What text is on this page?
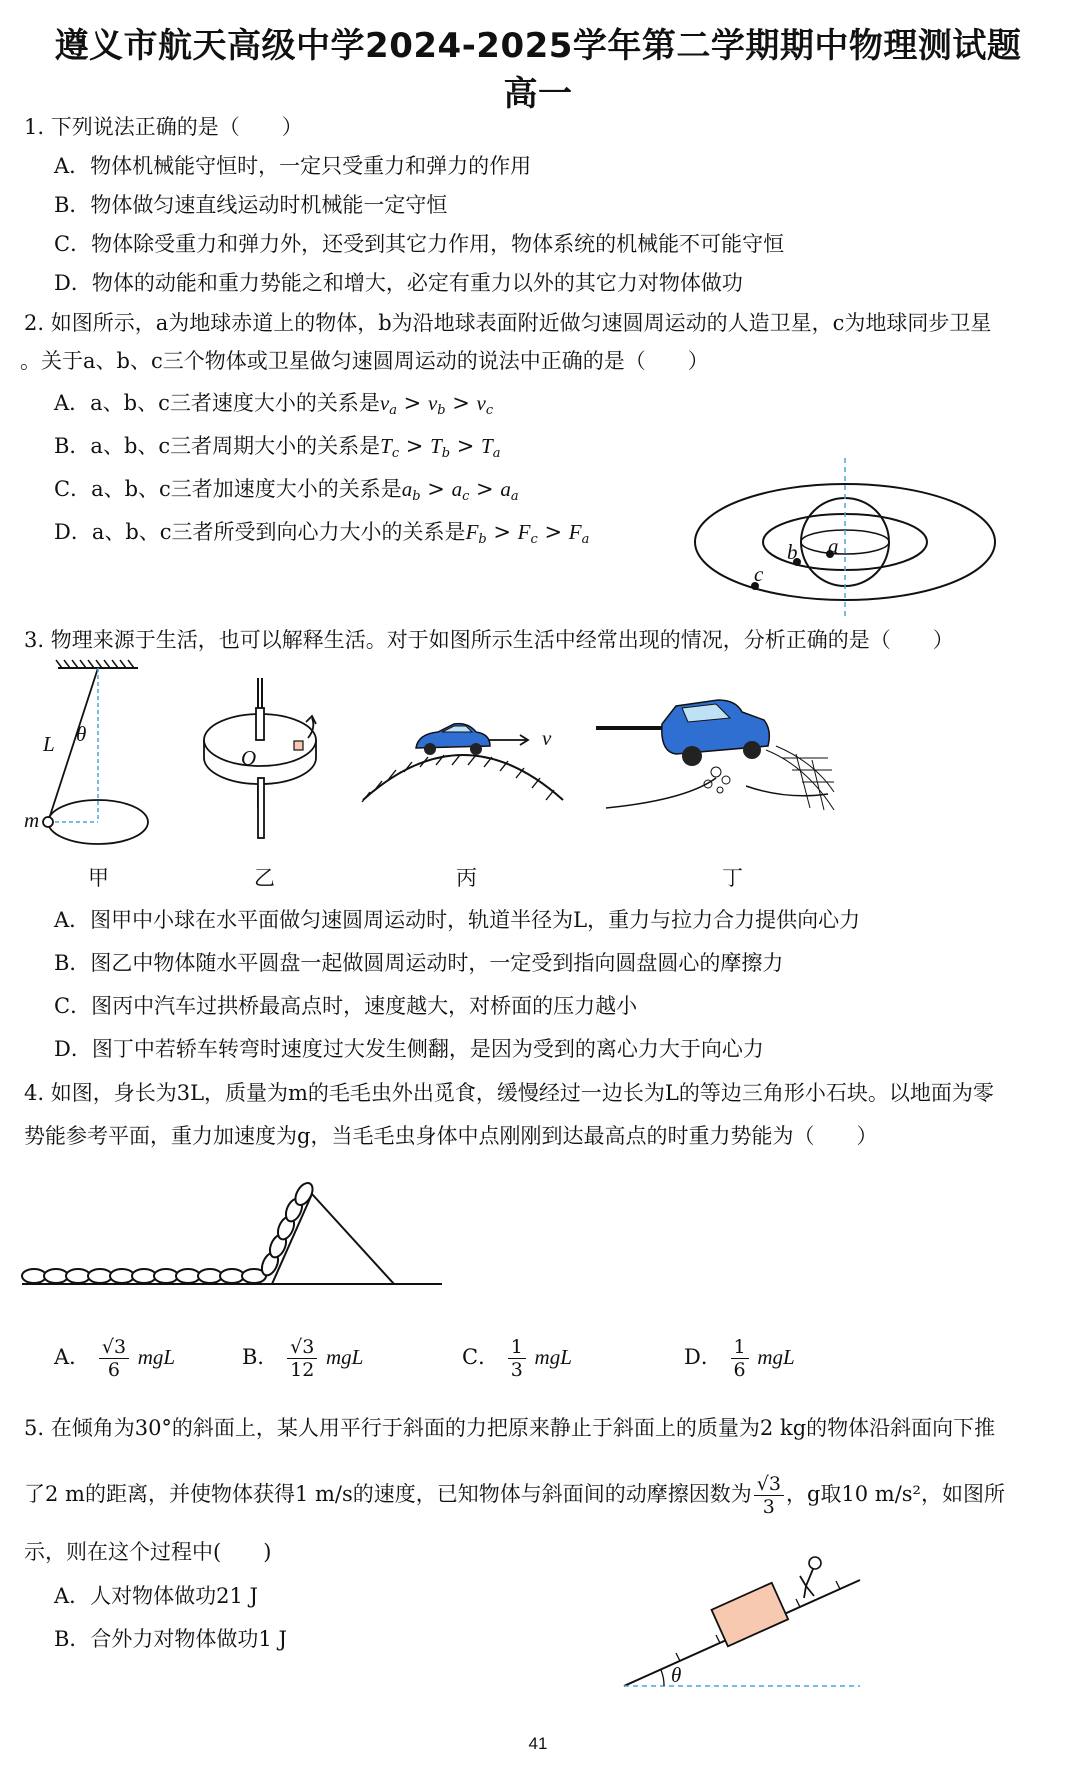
遵义市航天高级中学2024-2025学年第二学期期中物理测试题
高一
1. 下列说法正确的是（　　）
A．物体机械能守恒时，一定只受重力和弹力的作用
B．物体做匀速直线运动时机械能一定守恒
C．物体除受重力和弹力外，还受到其它力作用，物体系统的机械能不可能守恒
D．物体的动能和重力势能之和增大，必定有重力以外的其它力对物体做功
2. 如图所示，a为地球赤道上的物体，b为沿地球表面附近做匀速圆周运动的人造卫星，c为地球同步卫星
。关于a、b、c三个物体或卫星做匀速圆周运动的说法中正确的是（　　）
A．a、b、c三者速度大小的关系是$v_a > v_b > v_c$
B．a、b、c三者周期大小的关系是$T_c > T_b > T_a$
C．a、b、c三者加速度大小的关系是$a_b > a_c > a_a$
D．a、b、c三者所受到向心力大小的关系是$F_b > F_c > F_a$	a
b
c
3. 物理来源于生活，也可以解释生活。对于如图所示生活中经常出现的情况，分析正确的是（　　）
L θ
m
O
v
甲	乙	丙	丁
A．图甲中小球在水平面做匀速圆周运动时，轨道半径为L，重力与拉力合力提供向心力
B．图乙中物体随水平圆盘一起做圆周运动时，一定受到指向圆盘圆心的摩擦力
C．图丙中汽车过拱桥最高点时，速度越大，对桥面的压力越小
D．图丁中若轿车转弯时速度过大发生侧翻，是因为受到的离心力大于向心力
4. 如图，身长为3L，质量为m的毛毛虫外出觅食，缓慢经过一边长为L的等边三角形小石块。以地面为零
势能参考平面，重力加速度为g，当毛毛虫身体中点刚刚到达最高点的时重力势能为（　　）
A． $\frac{√3}{6}$ mgL	B． $\frac{√3}{12}$ mgL	C． $\frac{1}{3}$ mgL	D． $\frac{1}{6}$ mgL
5. 在倾角为30°的斜面上，某人用平行于斜面的力把原来静止于斜面上的质量为2 kg的物体沿斜面向下推
了2 m的距离，并使物体获得1 m/s的速度，已知物体与斜面间的动摩擦因数为 $\frac{√3}{3}$ ，g取10 m/s²，如图所
示，则在这个过程中(　　)
A．人对物体做功21 J
B．合外力对物体做功1 J
θ
41
